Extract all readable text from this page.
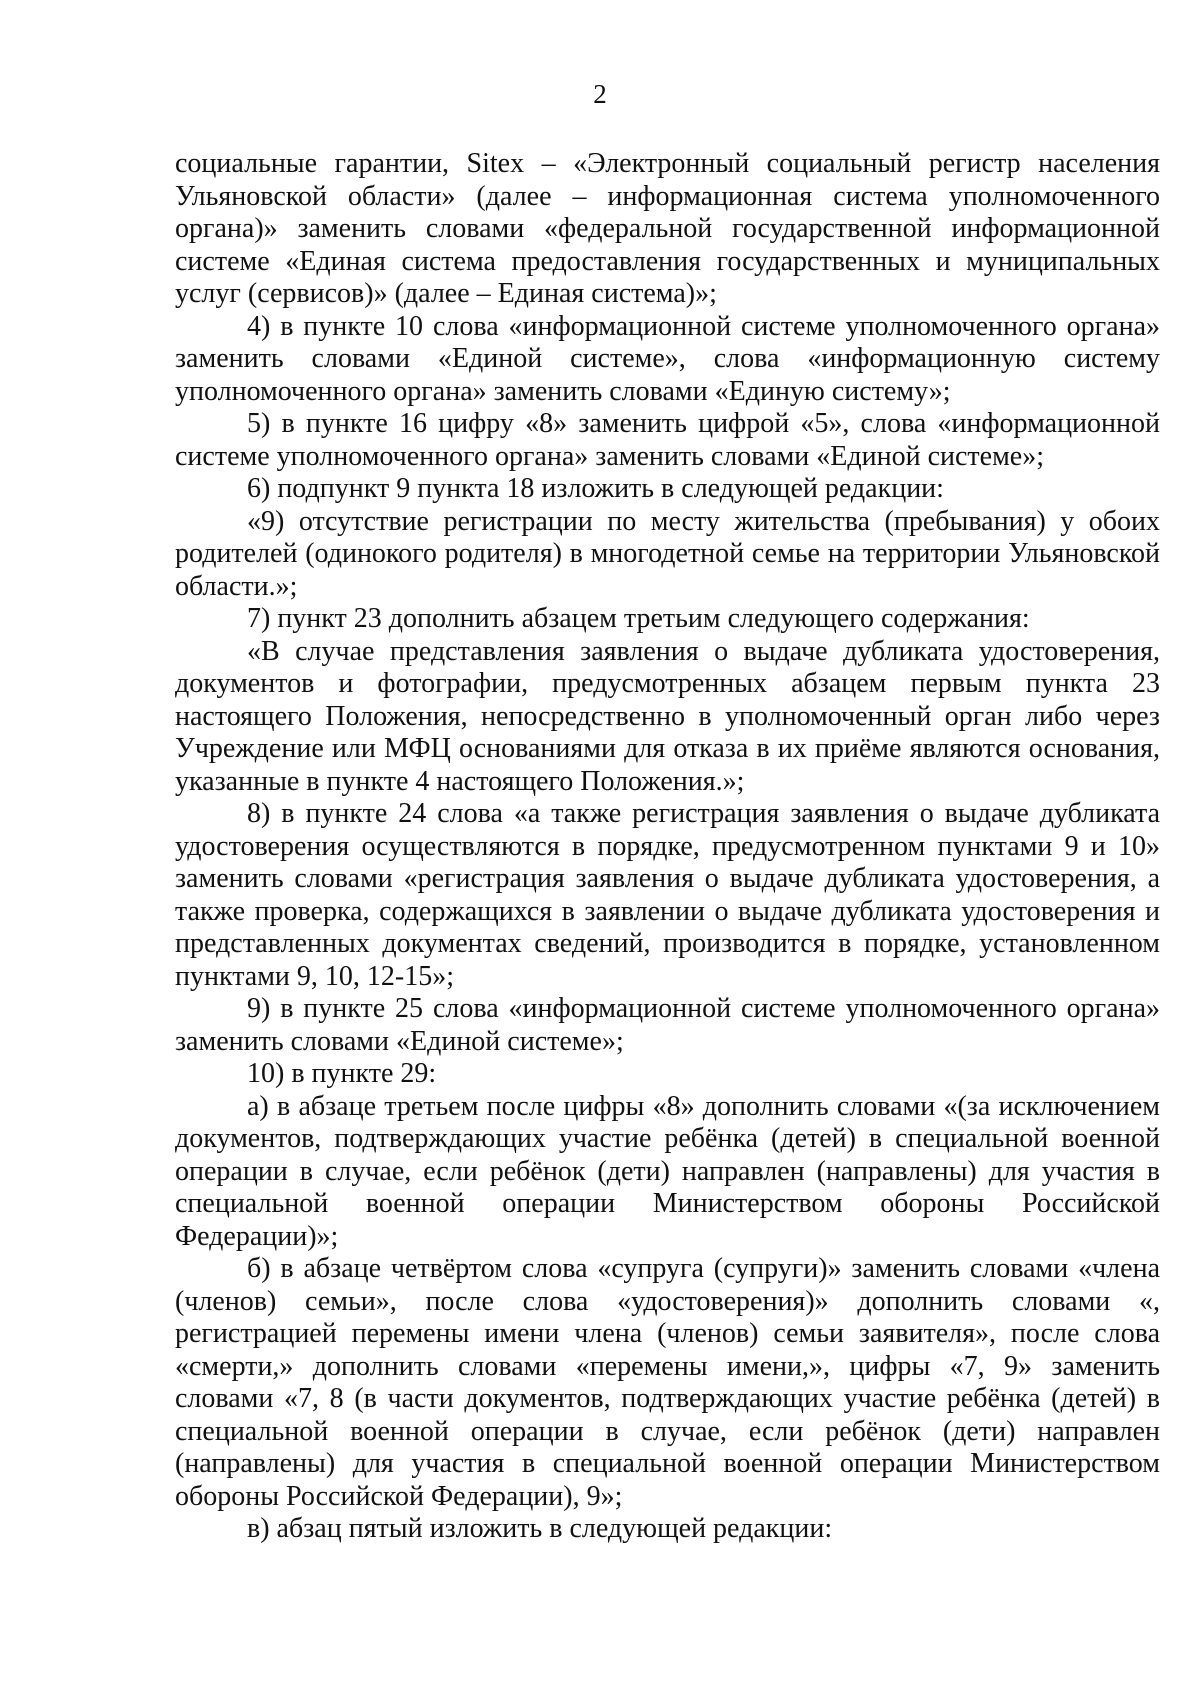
2

социальные гарантии, Sitex – «Электронный социальный регистр населения Ульяновской области» (далее – информационная система уполномоченного органа)» заменить словами «федеральной государственной информационной системе «Единая система предоставления государственных и муниципальных услуг (сервисов)» (далее – Единая система)»;

4) в пункте 10 слова «информационной системе уполномоченного органа» заменить словами «Единой системе», слова «информационную систему уполномоченного органа» заменить словами «Единую систему»;

5) в пункте 16 цифру «8» заменить цифрой «5», слова «информационной системе уполномоченного органа» заменить словами «Единой системе»;

6) подпункт 9 пункта 18 изложить в следующей редакции:

«9) отсутствие регистрации по месту жительства (пребывания) у обоих родителей (одинокого родителя) в многодетной семье на территории Ульяновской области.»;

7) пункт 23 дополнить абзацем третьим следующего содержания:

«В случае представления заявления о выдаче дубликата удостоверения, документов и фотографии, предусмотренных абзацем первым пункта 23 настоящего Положения, непосредственно в уполномоченный орган либо через Учреждение или МФЦ основаниями для отказа в их приёме являются основания, указанные в пункте 4 настоящего Положения.»;

8) в пункте 24 слова «а также регистрация заявления о выдаче дубликата удостоверения осуществляются в порядке, предусмотренном пунктами 9 и 10» заменить словами «регистрация заявления о выдаче дубликата удостоверения, а также проверка, содержащихся в заявлении о выдаче дубликата удостоверения и представленных документах сведений, производится в порядке, установленном пунктами 9, 10, 12-15»;

9) в пункте 25 слова «информационной системе уполномоченного органа» заменить словами «Единой системе»;

10) в пункте 29:

а) в абзаце третьем после цифры «8» дополнить словами «(за исключением документов, подтверждающих участие ребёнка (детей) в специальной военной операции в случае, если ребёнок (дети) направлен (направлены) для участия в специальной военной операции Министерством обороны Российской Федерации)»;

б) в абзаце четвёртом слова «супруга (супруги)» заменить словами «члена (членов) семьи», после слова «удостоверения)» дополнить словами «, регистрацией перемены имени члена (членов) семьи заявителя», после слова «смерти,» дополнить словами «перемены имени,», цифры «7, 9» заменить словами «7, 8 (в части документов, подтверждающих участие ребёнка (детей) в специальной военной операции в случае, если ребёнок (дети) направлен (направлены) для участия в специальной военной операции Министерством обороны Российской Федерации), 9»;

в) абзац пятый изложить в следующей редакции:
